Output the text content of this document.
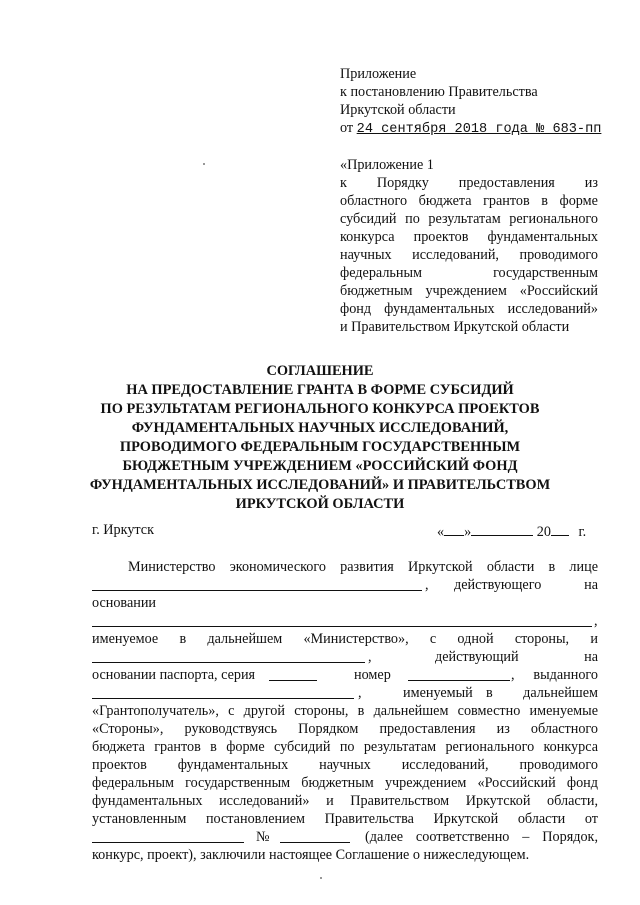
Приложение
к постановлению Правительства
Иркутской области
от 24 сентября 2018 года № 683-пп
«Приложение 1
к Порядку предоставления из
областного бюджета грантов в форме
субсидий по результатам регионального
конкурса проектов фундаментальных
научных исследований, проводимого
федеральным	государственным
бюджетным учреждением «Российский
фонд фундаментальных исследований»
и Правительством Иркутской области
СОГЛАШЕНИЕ
НА ПРЕДОСТАВЛЕНИЕ ГРАНТА В ФОРМЕ СУБСИДИЙ
ПО РЕЗУЛЬТАТАМ РЕГИОНАЛЬНОГО КОНКУРСА ПРОЕКТОВ
ФУНДАМЕНТАЛЬНЫХ НАУЧНЫХ ИССЛЕДОВАНИЙ,
ПРОВОДИМОГО ФЕДЕРАЛЬНЫМ ГОСУДАРСТВЕННЫМ
БЮДЖЕТНЫМ УЧРЕЖДЕНИЕМ «РОССИЙСКИЙ ФОНД
ФУНДАМЕНТАЛЬНЫХ ИССЛЕДОВАНИЙ» И ПРАВИТЕЛЬСТВОМ
ИРКУТСКОЙ ОБЛАСТИ
г. Иркутск	« »	20 г.
Министерство экономического развития Иркутской области в лице
, действующего	на
основании
,
именуемое в дальнейшем «Министерство», с одной стороны, и
,	действующий	на
основании паспорта, серия	номер	, выданного
,	именуемый в дальнейшем
«Грантополучатель», с другой стороны, в дальнейшем совместно именуемые
«Стороны», руководствуясь Порядком предоставления из областного
бюджета грантов в форме субсидий по результатам регионального конкурса
проектов фундаментальных научных исследований, проводимого
федеральным государственным бюджетным учреждением «Российский фонд
фундаментальных исследований» и Правительством Иркутской области,
установленным постановлением Правительства Иркутской области от
№	(далее соответственно – Порядок,
конкурс, проект), заключили настоящее Соглашение о нижеследующем.
